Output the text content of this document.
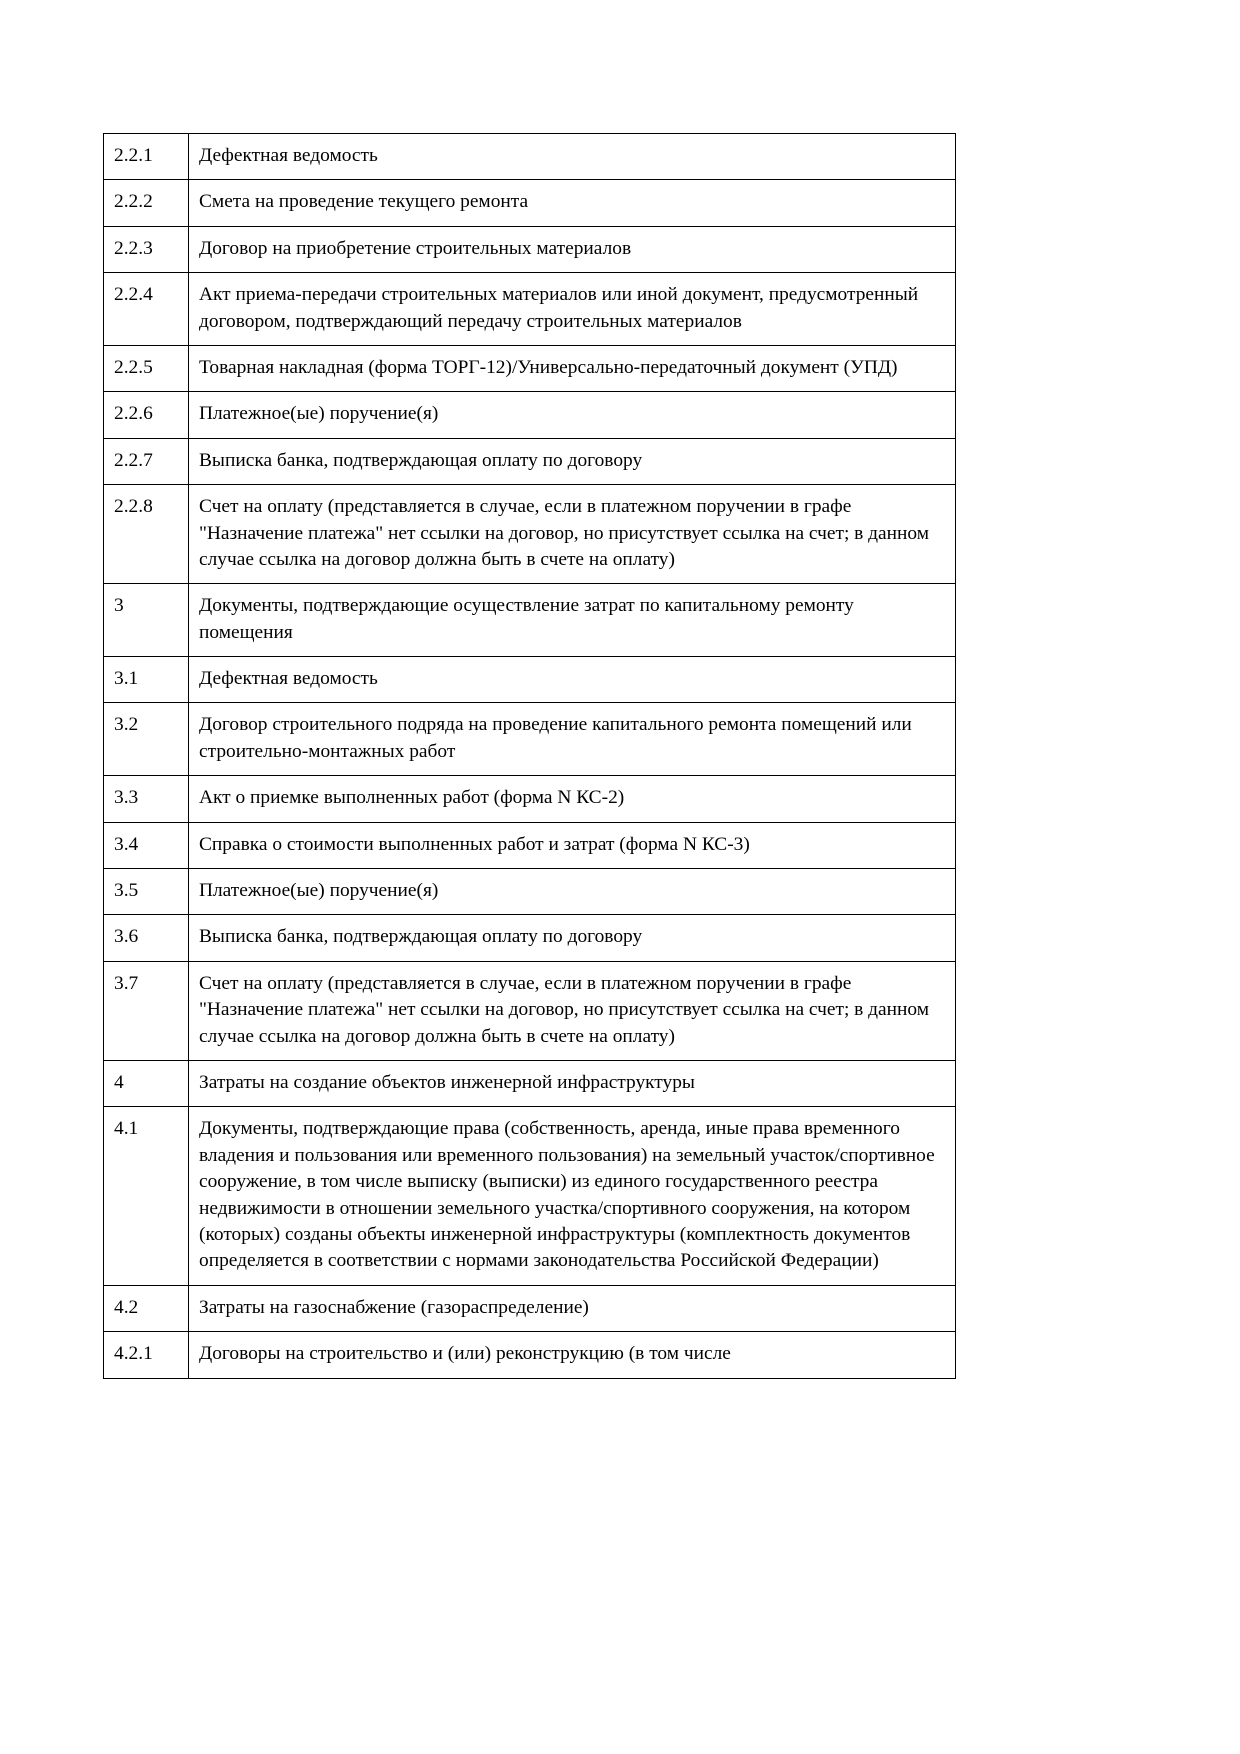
2.2.1	Дефектная ведомость
2.2.2	Смета на проведение текущего ремонта
2.2.3	Договор на приобретение строительных материалов
2.2.4	Акт приема-передачи строительных материалов или иной документ, предусмотренный договором, подтверждающий передачу строительных материалов
2.2.5	Товарная накладная (форма ТОРГ-12)/Универсально-передаточный документ (УПД)
2.2.6	Платежное(ые) поручение(я)
2.2.7	Выписка банка, подтверждающая оплату по договору
2.2.8	Счет на оплату (представляется в случае, если в платежном поручении в графе "Назначение платежа" нет ссылки на договор, но присутствует ссылка на счет; в данном случае ссылка на договор должна быть в счете на оплату)
3	Документы, подтверждающие осуществление затрат по капитальному ремонту помещения
3.1	Дефектная ведомость
3.2	Договор строительного подряда на проведение капитального ремонта помещений или строительно-монтажных работ
3.3	Акт о приемке выполненных работ (форма N КС-2)
3.4	Справка о стоимости выполненных работ и затрат (форма N КС-3)
3.5	Платежное(ые) поручение(я)
3.6	Выписка банка, подтверждающая оплату по договору
3.7	Счет на оплату (представляется в случае, если в платежном поручении в графе "Назначение платежа" нет ссылки на договор, но присутствует ссылка на счет; в данном случае ссылка на договор должна быть в счете на оплату)
4	Затраты на создание объектов инженерной инфраструктуры
4.1	Документы, подтверждающие права (собственность, аренда, иные права временного владения и пользования или временного пользования) на земельный участок/спортивное сооружение, в том числе выписку (выписки) из единого государственного реестра недвижимости в отношении земельного участка/спортивного сооружения, на котором (которых) созданы объекты инженерной инфраструктуры (комплектность документов определяется в соответствии с нормами законодательства Российской Федерации)
4.2	Затраты на газоснабжение (газораспределение)
4.2.1	Договоры на строительство и (или) реконструкцию (в том числе
